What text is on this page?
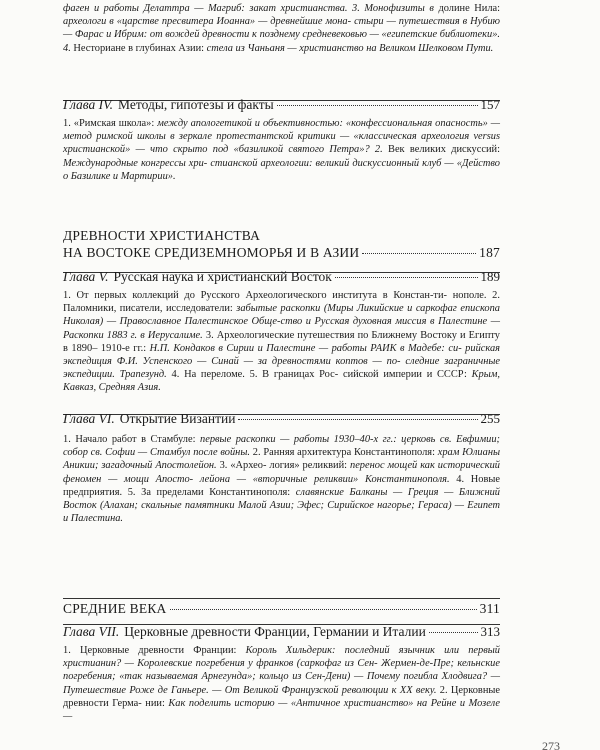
фаген и работы Делаттра — Магриб: закат христианства. 3. Монофизиты в долине Нила: археологи в «царстве пресвитера Иоанна» — древнейшие мона- стыри — путешествия в Нубию — Фарас и Ибрим: от вождей древности к позднему средневековью — «египетские библиотеки». 4. Несториане в глубинах Азии: стела из Чаньаня — христианство на Великом Шелковом Пути.

Глава IV. Методы, гипотезы и факты	157

1. «Римская школа»: между апологетикой и объективностью: «конфессиональная опасность» — метод римской школы в зеркале протестантской критики — «классическая археология versus христианской» — что скрыто под «базиликой святого Петра»? 2. Век великих дискуссий: Международные конгрессы хри- стианской археологии: великий дискуссионный клуб — «Действо о Базилике и Мартирии».

ДРЕВНОСТИ ХРИСТИАНСТВА
НА ВОСТОКЕ СРЕДИЗЕМНОМОРЬЯ И В АЗИИ	187
Глава V. Русская наука и христианский Восток	189

1. От первых коллекций до Русского Археологического института в Констан-ти- нополе. 2. Паломники, писатели, исследователи: забытые раскопки (Миры Ликийские и саркофаг епископа Николая) — Православное Палестинское Обще-ство и Русская духовная миссия в Палестине — Раскопки 1883 г. в Иерусалиме. 3. Археологические путешествия по Ближнему Востоку и Египту в 1890– 1910-е гг.: Н.П. Кондаков в Сирии и Палестине — работы РАИК в Мадебе: си- рийская экспедиция Ф.И. Успенского — Синай — за древностями коптов — по- следние заграничные экспедиции. Трапезунд. 4. На переломе. 5. В границах Рос- сийской империи и СССР: Крым, Кавказ, Средняя Азия.

Глава VI. Открытие Византии	255

1. Начало работ в Стамбуле: первые раскопки — работы 1930–40-х гг.: церковь св. Евфимии; собор св. Софии — Стамбул после войны. 2. Ранняя архитектура Константинополя: храм Юлианы Аникии; загадочный Апостолейон. 3. «Архео- логия» реликвий: перенос мощей как исторический феномен — мощи Апосто- лейона — «вторичные реликвии» Константинополя. 4. Новые предприятия. 5. За пределами Константинополя: славянские Балканы — Греция — Ближний Восток (Алахан; скальные памятники Малой Азии; Эфес; Сирийское нагорье; Гераса) — Египет и Палестина.

СРЕДНИЕ ВЕКА	311
Глава VII. Церковные древности Франции, Германии и Италии	313

1. Церковные древности Франции: Король Хильдерик: последний язычник или первый христианин? — Королевские погребения у франков (саркофаг из Сен- Жермен-де-Пре; кельнские погребения; «так называемая Арнегунда»; кольцо из Сен-Дени) — Почему погибла Хлодвига? — Путешествие Роже де Ганьере. — От Великой Французской революции к XX веку. 2. Церковные древности Герма- нии: Как поделить историю — «Античное христианство» на Рейне и Мозеле —

273
